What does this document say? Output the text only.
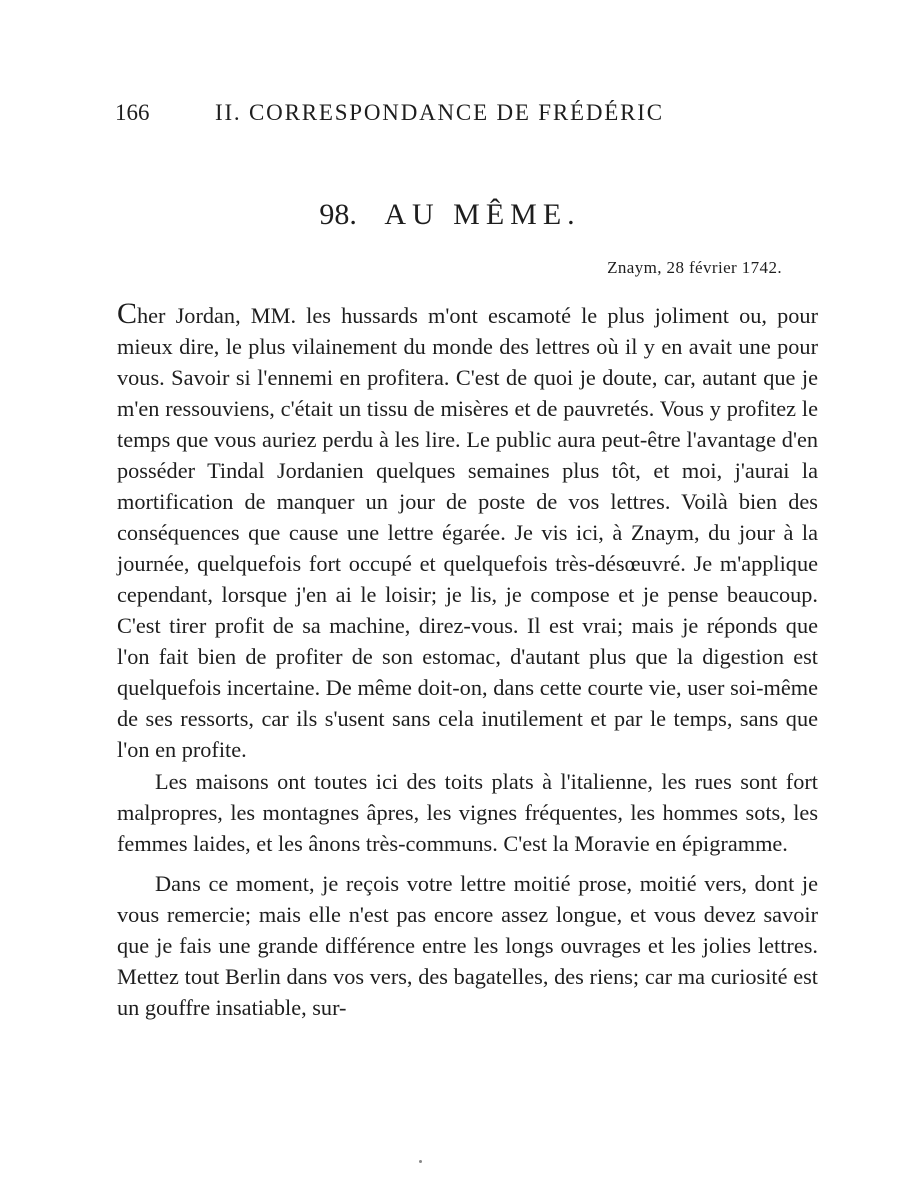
166	II. CORRESPONDANCE DE FRÉDÉRIC
98. AU MÊME.
Znaym, 28 février 1742.

Cher Jordan, MM. les hussards m'ont escamoté le plus joliment ou, pour mieux dire, le plus vilainement du monde des lettres où il y en avait une pour vous. Savoir si l'ennemi en profitera. C'est de quoi je doute, car, autant que je m'en ressouviens, c'était un tissu de misères et de pauvretés. Vous y profitez le temps que vous auriez perdu à les lire. Le public aura peut-être l'avantage d'en posséder Tindal Jordanien quelques semaines plus tôt, et moi, j'aurai la mortification de manquer un jour de poste de vos lettres. Voilà bien des conséquences que cause une lettre égarée. Je vis ici, à Znaym, du jour à la journée, quelquefois fort occupé et quelquefois très-désœuvré. Je m'applique cependant, lorsque j'en ai le loisir; je lis, je compose et je pense beaucoup. C'est tirer profit de sa machine, direz-vous. Il est vrai; mais je réponds que l'on fait bien de profiter de son estomac, d'autant plus que la digestion est quelquefois incertaine. De même doit-on, dans cette courte vie, user soi-même de ses ressorts, car ils s'usent sans cela inutilement et par le temps, sans que l'on en profite.

Les maisons ont toutes ici des toits plats à l'italienne, les rues sont fort malpropres, les montagnes âpres, les vignes fréquentes, les hommes sots, les femmes laides, et les ânons très-communs. C'est la Moravie en épigramme.

Dans ce moment, je reçois votre lettre moitié prose, moitié vers, dont je vous remercie; mais elle n'est pas encore assez longue, et vous devez savoir que je fais une grande différence entre les longs ouvrages et les jolies lettres. Mettez tout Berlin dans vos vers, des bagatelles, des riens; car ma curiosité est un gouffre insatiable, sur-
